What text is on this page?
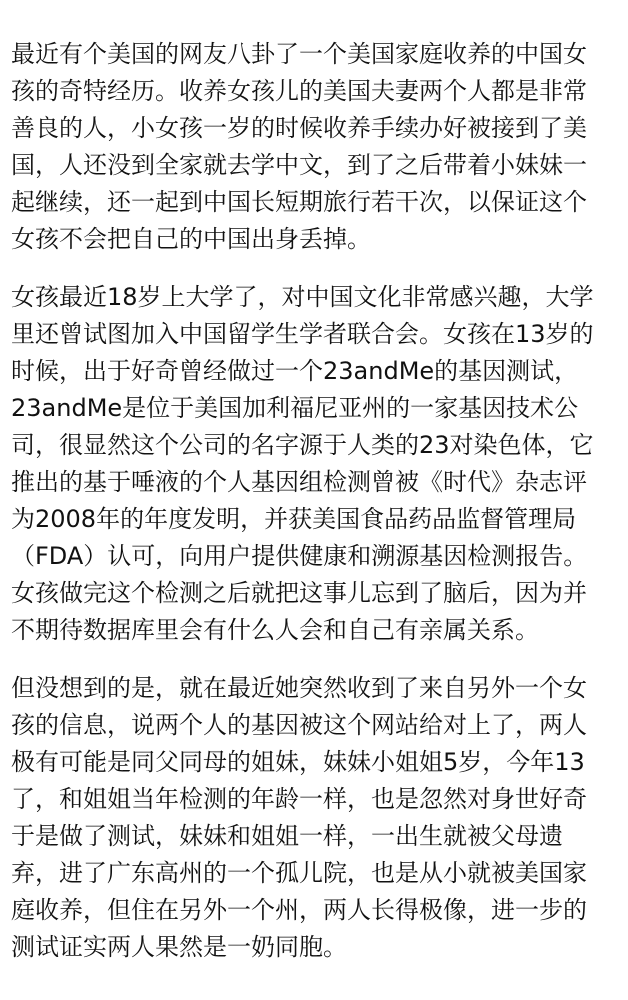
最近有个美国的网友八卦了一个美国家庭收养的中国女
孩的奇特经历。收养女孩儿的美国夫妻两个人都是非常
善良的人，小女孩一岁的时候收养手续办好被接到了美
国，人还没到全家就去学中文，到了之后带着小妹妹一
起继续，还一起到中国长短期旅行若干次，以保证这个
女孩不会把自己的中国出身丢掉。

女孩最近18岁上大学了，对中国文化非常感兴趣，大学
里还曾试图加入中国留学生学者联合会。女孩在13岁的
时候，出于好奇曾经做过一个23andMe的基因测试，
23andMe是位于美国加利福尼亚州的一家基因技术公
司，很显然这个公司的名字源于人类的23对染色体，它
推出的基于唾液的个人基因组检测曾被《时代》杂志评
为2008年的年度发明，并获美国食品药品监督管理局
（FDA）认可，向用户提供健康和溯源基因检测报告。
女孩做完这个检测之后就把这事儿忘到了脑后，因为并
不期待数据库里会有什么人会和自己有亲属关系。

但没想到的是，就在最近她突然收到了来自另外一个女
孩的信息，说两个人的基因被这个网站给对上了，两人
极有可能是同父同母的姐妹，妹妹小姐姐5岁，今年13
了，和姐姐当年检测的年龄一样，也是忽然对身世好奇
于是做了测试，妹妹和姐姐一样，一出生就被父母遗
弃，进了广东高州的一个孤儿院，也是从小就被美国家
庭收养，但住在另外一个州，两人长得极像，进一步的
测试证实两人果然是一奶同胞。
